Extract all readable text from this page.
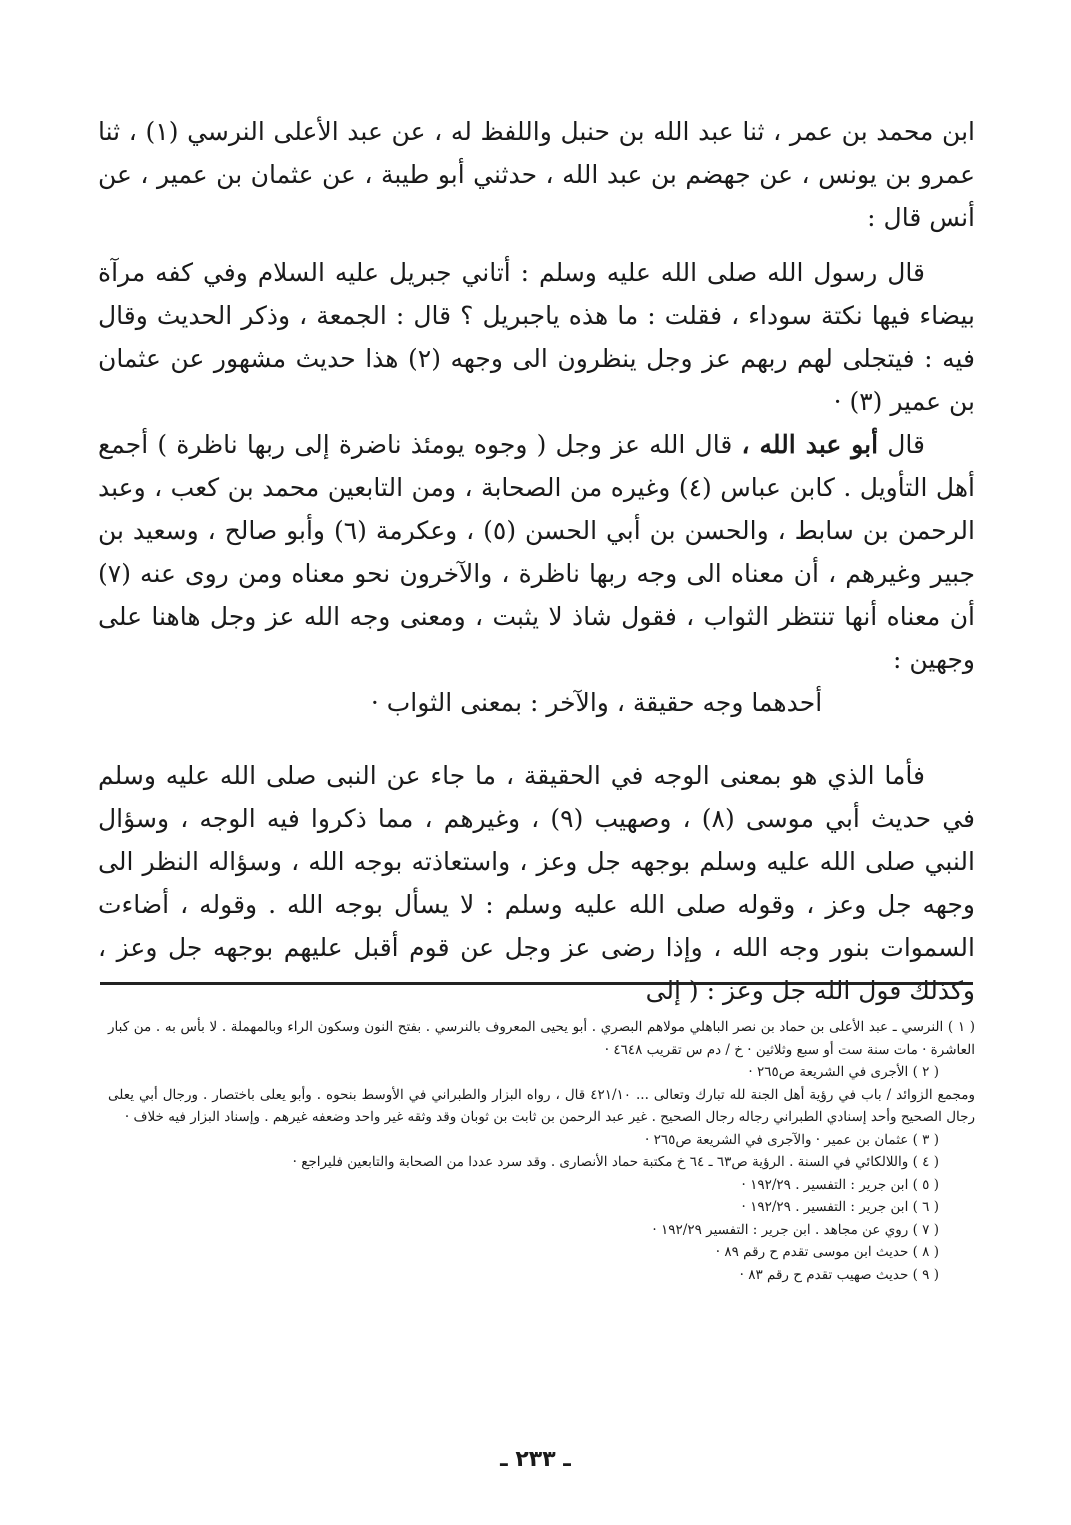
ابن محمد بن عمر ، ثنا عبد الله بن حنبل واللفظ له ، عن عبد الأعلى النرسي (١) ، ثنا عمرو بن يونس ، عن جهضم بن عبد الله ، حدثني أبو طيبة ، عن عثمان بن عمير ، عن أنس قال :

قال رسول الله صلى الله عليه وسلم : أتاني جبريل عليه السلام وفي كفه مرآة بيضاء فيها نكتة سوداء ، فقلت : ما هذه ياجبريل ؟ قال : الجمعة ، وذكر الحديث وقال فيه : فيتجلى لهم ربهم عز وجل ينظرون الى وجهه (٢) هذا حديث مشهور عن عثمان بن عمير (٣) ·

قال أبو عبد الله ، قال الله عز وجل ( وجوه يومئذ ناضرة إلى ربها ناظرة ) أجمع أهل التأويل . كابن عباس (٤) وغيره من الصحابة ، ومن التابعين محمد بن كعب ، وعبد الرحمن بن سابط ، والحسن بن أبي الحسن (٥) ، وعكرمة (٦) وأبو صالح ، وسعيد بن جبير وغيرهم ، أن معناه الى وجه ربها ناظرة ، والآخرون نحو معناه ومن روى عنه (٧) أن معناه أنها تنتظر الثواب ، فقول شاذ لا يثبت ، ومعنى وجه الله عز وجل هاهنا على وجهين :

أحدهما وجه حقيقة ، والآخر : بمعنى الثواب ·

فأما الذي هو بمعنى الوجه في الحقيقة ، ما جاء عن النبى صلى الله عليه وسلم في حديث أبي موسى (٨) ، وصهيب (٩) ، وغيرهم ، مما ذكروا فيه الوجه ، وسؤال النبي صلى الله عليه وسلم بوجهه جل وعز ، واستعاذته بوجه الله ، وسؤاله النظر الى وجهه جل وعز ، وقوله صلى الله عليه وسلم : لا يسأل بوجه الله . وقوله ، أضاءت السموات بنور وجه الله ، وإذا رضى عز وجل عن قوم أقبل عليهم بوجهه جل وعز ، وكذلك قول الله جل وعز : ( إلى

( ١ ) النرسي ـ عبد الأعلى بن حماد بن نصر الباهلي مولاهم البصري . أبو يحيى المعروف بالنرسي . بفتح النون وسكون الراء وبالمهملة . لا بأس به . من كبار العاشرة · مات سنة ست أو سبع وثلاثين · خ / دم س تقريب ٤٦٤٨ ·

( ٢ ) الأجرى في الشريعة ص٢٦٥ ·

ومجمع الزوائد / باب في رؤية أهل الجنة لله تبارك وتعالى ... ٤٢١/١٠ قال ، رواه البزار والطبراني في الأوسط بنحوه . وأبو يعلى باختصار . ورجال أبي يعلى رجال الصحيح وأحد إسنادي الطبراني رجاله رجال الصحيح . غير عبد الرحمن بن ثابت بن ثوبان وقد وثقه غير واحد وضعفه غيرهم . وإسناد البزار فيه خلاف ·

( ٣ ) عثمان بن عمير · والآجرى في الشريعة ص٢٦٥ ·

( ٤ ) واللالكائي في السنة . الرؤية ص٦٣ ـ ٦٤ خ مكتبة حماد الأنصارى . وقد سرد عددا من الصحابة والتابعين فليراجع ·

( ٥ ) ابن جرير : التفسير . ١٩٢/٢٩ ·

( ٦ ) ابن جرير : التفسير . ١٩٢/٢٩ ·

( ٧ ) روي عن مجاهد . ابن جرير : التفسير ١٩٢/٢٩ ·

( ٨ ) حديث ابن موسى تقدم ح رقم ٨٩ ·

( ٩ ) حديث صهيب تقدم ح رقم ٨٣ ·

ـ ٢٣٣ ـ
